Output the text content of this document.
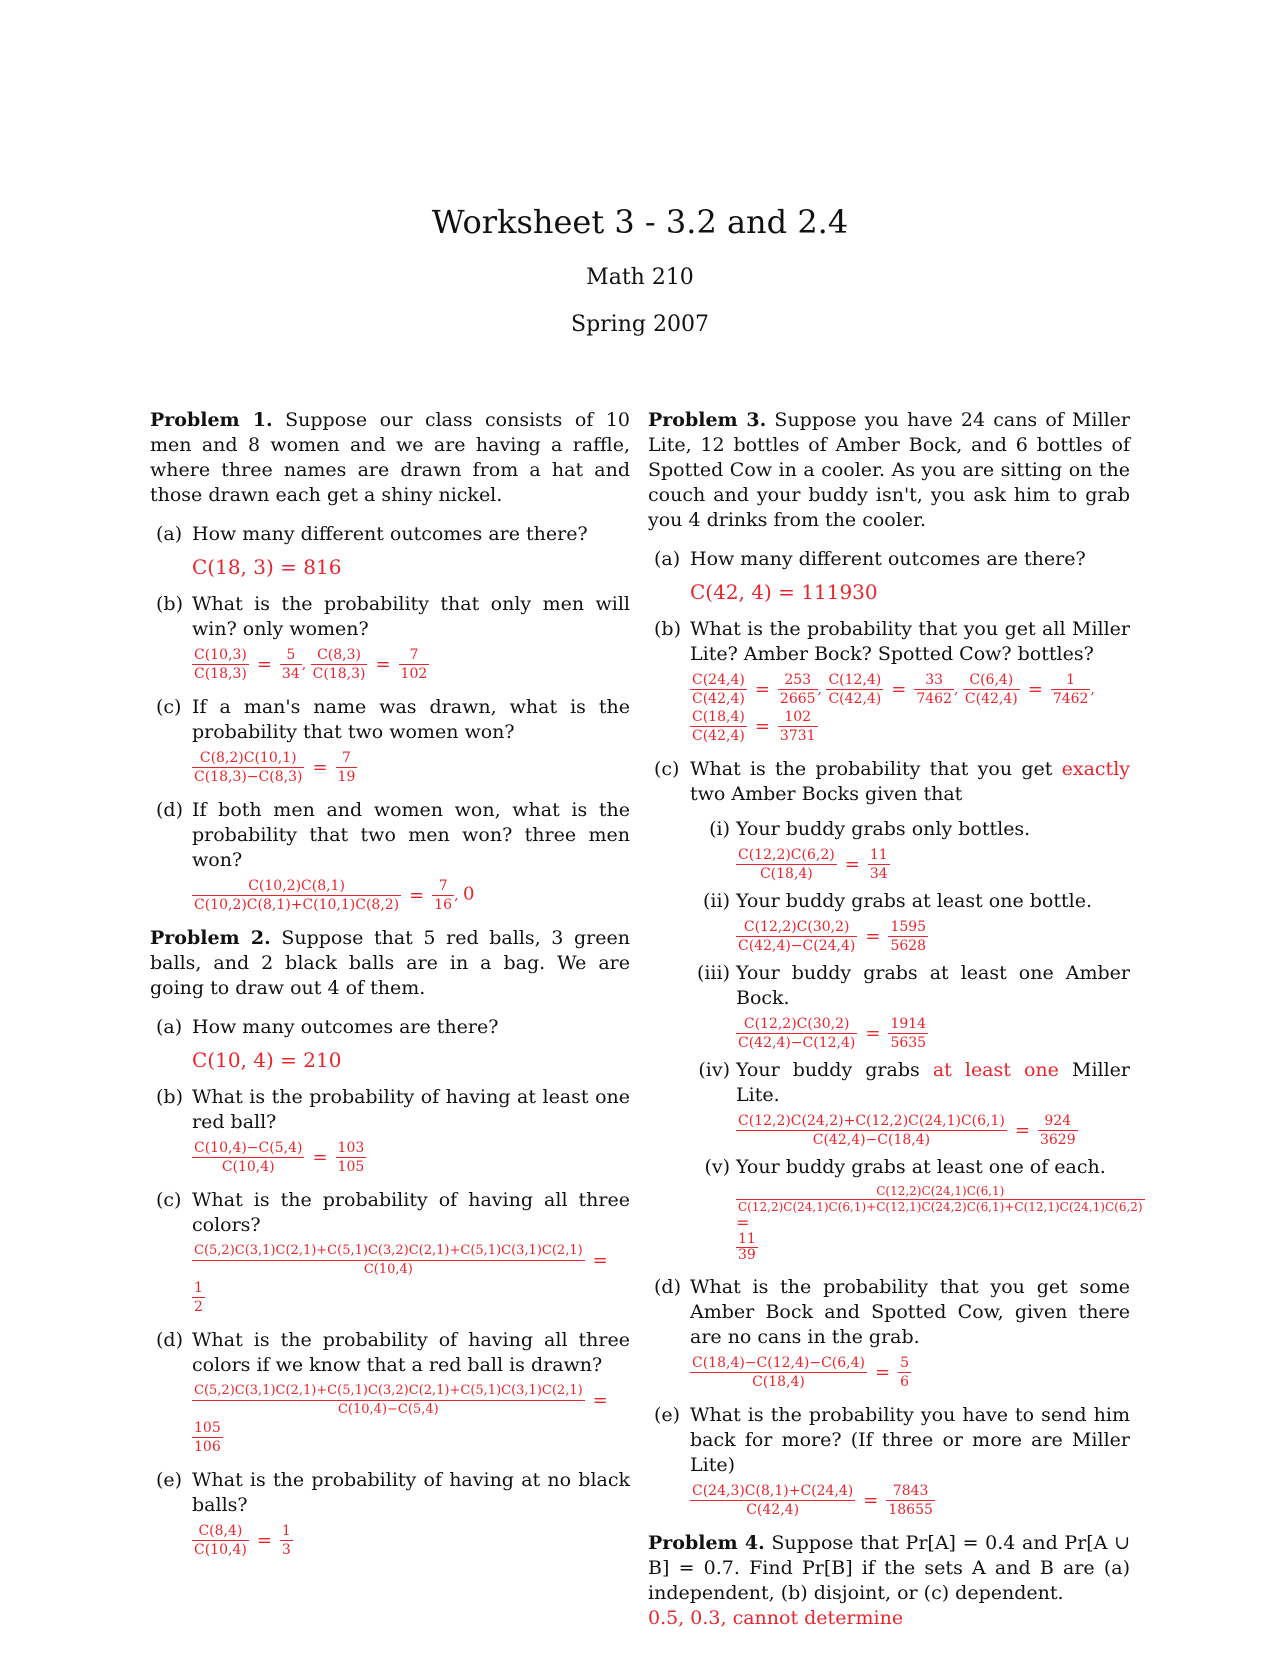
Worksheet 3 - 3.2 and 2.4
Math 210
Spring 2007

Problem 1. Suppose our class consists of 10 men and 8 women and we are having a raffle, where three names are drawn from a hat and those drawn each get a shiny nickel.

(a) How many different outcomes are there?

C(18, 3) = 816
(b) What is the probability that only men will win? only women?

$\frac{C(10,3)}{C(18,3)} = \frac{5}{34}$ , $\frac{C(8,3)}{C(18,3)} = \frac{7}{102}$
(c) If a man's name was drawn, what is the probability that two women won?

$\frac{C(8,2)C(10,1)}{C(18,3)-C(8,3)} = \frac{7}{19}$
(d) If both men and women won, what is the probability that two men won? three men won?

$\frac{C(10,2)C(8,1)}{C(10,2)C(8,1)+C(10,1)C(8,2)} = \frac{7}{16}$ , 0

Problem 2. Suppose that 5 red balls, 3 green balls, and 2 black balls are in a bag. We are going to draw out 4 of them.

(a) How many outcomes are there?

C(10, 4) = 210
(b) What is the probability of having at least one red ball?

$\frac{C(10,4)-C(5,4)}{C(10,4)} = \frac{103}{105}$
(c) What is the probability of having all three colors?

$\frac{C(5,2)C(3,1)C(2,1)+C(5,1)C(3,2)C(2,1)+C(5,1)C(3,1)C(2,1)}{C(10,4)}$ =

$\frac{1}{2}$
(d) What is the probability of having all three colors if we know that a red ball is drawn?

$\frac{C(5,2)C(3,1)C(2,1)+C(5,1)C(3,2)C(2,1)+C(5,1)C(3,1)C(2,1)}{C(10,4)-C(5,4)}$ =

$\frac{105}{106}$
(e) What is the probability of having at no black balls?

$\frac{C(8,4)}{C(10,4)} = \frac{1}{3}$

Problem 3. Suppose you have 24 cans of Miller Lite, 12 bottles of Amber Bock, and 6 bottles of Spotted Cow in a cooler. As you are sitting on the couch and your buddy isn't, you ask him to grab you 4 drinks from the cooler.

(a) How many different outcomes are there?

C(42, 4) = 111930
(b) What is the probability that you get all Miller Lite? Amber Bock? Spotted Cow? bottles?

$\frac{C(24,4)}{C(42,4)} = \frac{253}{2665}$ , $\frac{C(12,4)}{C(42,4)} = \frac{33}{7462}$ , $\frac{C(6,4)}{C(42,4)} = \frac{1}{7462}$ ,

$\frac{C(18,4)}{C(42,4)} = \frac{102}{3731}$
(c) What is the probability that you get exactly two Amber Bocks given that

(i) Your buddy grabs only bottles.

$\frac{C(12,2)C(6,2)}{C(18,4)} = \frac{11}{34}$
(ii) Your buddy grabs at least one bottle.

$\frac{C(12,2)C(30,2)}{C(42,4)-C(24,4)} = \frac{1595}{5628}$
(iii) Your buddy grabs at least one Amber Bock.

$\frac{C(12,2)C(30,2)}{C(42,4)-C(12,4)} = \frac{1914}{5635}$
(iv) Your buddy grabs at least one Miller Lite.

$\frac{C(12,2)C(24,2)+C(12,2)C(24,1)C(6,1)}{C(42,4)-C(18,4)} = \frac{924}{3629}$
(v) Your buddy grabs at least one of each.

C(12,2)C(24,1)C(6,1)
C(12,2)C(24,1)C(6,1)+C(12,1)C(24,2)C(6,1)+C(12,1)C(24,1)C(6,2)
=

$\frac{11}{39}$
(d) What is the probability that you get some Amber Bock and Spotted Cow, given there are no cans in the grab.

$\frac{C(18,4)-C(12,4)-C(6,4)}{C(18,4)} = \frac{5}{6}$
(e) What is the probability you have to send him back for more? (If three or more are Miller Lite)

$\frac{C(24,3)C(8,1)+C(24,4)}{C(42,4)} = \frac{7843}{18655}$

Problem 4. Suppose that Pr[A] = 0.4 and Pr[A ∪ B] = 0.7. Find Pr[B] if the sets A and B are (a) independent, (b) disjoint, or (c) dependent.

0.5, 0.3, cannot determine
